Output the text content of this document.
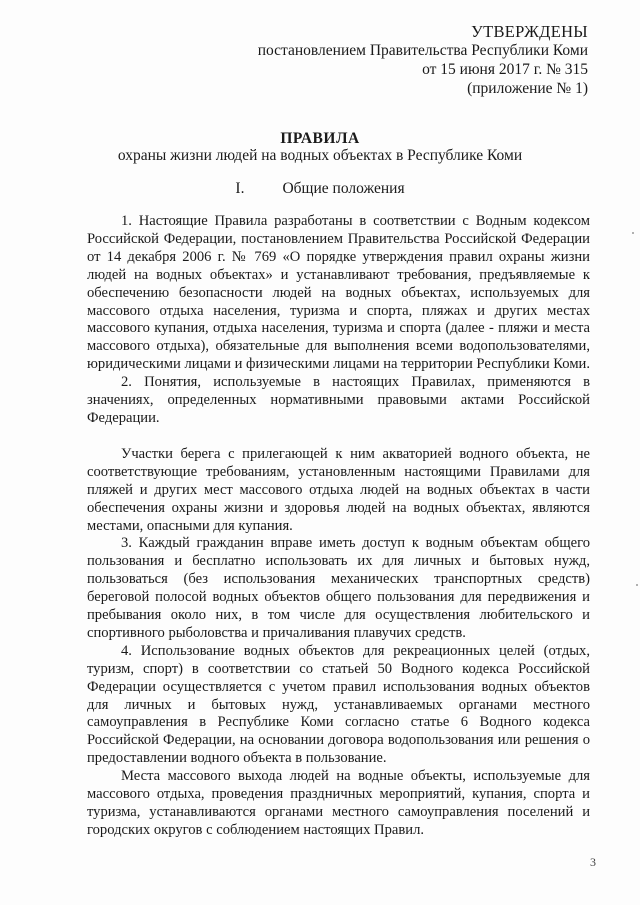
УТВЕРЖДЕНЫ
постановлением Правительства Республики Коми
от 15 июня 2017 г. № 315
(приложение № 1)
ПРАВИЛА
охраны жизни людей на водных объектах в Республике Коми
I. Общие положения

1. Настоящие Правила разработаны в соответствии с Водным кодексом Российской Федерации, постановлением Правительства Российской Федерации от 14 декабря 2006 г. № 769 «О порядке утверждения правил охраны жизни людей на водных объектах» и устанавливают требования, предъявляемые к обеспечению безопасности людей на водных объектах, используемых для массового отдыха населения, туризма и спорта, пляжах и других местах массового купания, отдыха населения, туризма и спорта (далее - пляжи и места массового отдыха), обязательные для выполнения всеми водопользователями, юридическими лицами и физическими лицами на территории Республики Коми.

2. Понятия, используемые в настоящих Правилах, применяются в значениях, определенных нормативными правовыми актами Российской Федерации.

Участки берега с прилегающей к ним акваторией водного объекта, не соответствующие требованиям, установленным настоящими Правилами для пляжей и других мест массового отдыха людей на водных объектах в части обеспечения охраны жизни и здоровья людей на водных объектах, являются местами, опасными для купания.

3. Каждый гражданин вправе иметь доступ к водным объектам общего пользования и бесплатно использовать их для личных и бытовых нужд, пользоваться (без использования механических транспортных средств) береговой полосой водных объектов общего пользования для передвижения и пребывания около них, в том числе для осуществления любительского и спортивного рыболовства и причаливания плавучих средств.

4. Использование водных объектов для рекреационных целей (отдых, туризм, спорт) в соответствии со статьей 50 Водного кодекса Российской Федерации осуществляется с учетом правил использования водных объектов для личных и бытовых нужд, устанавливаемых органами местного самоуправления в Республике Коми согласно статье 6 Водного кодекса Российской Федерации, на основании договора водопользования или решения о предоставлении водного объекта в пользование.

Места массового выхода людей на водные объекты, используемые для массового отдыха, проведения праздничных мероприятий, купания, спорта и туризма, устанавливаются органами местного самоуправления поселений и городских округов с соблюдением настоящих Правил.

3
